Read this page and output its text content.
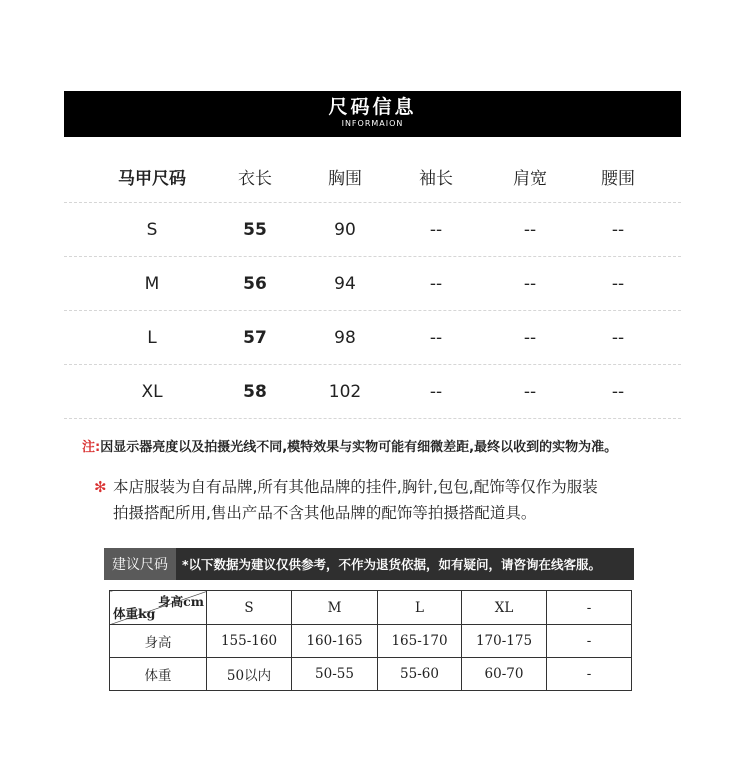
尺码信息
INFORMAION
马甲尺码	衣长	胸围	袖长	肩宽	腰围
S	55	90	--	--	--
M	56	94	--	--	--
L	57	98	--	--	--
XL	58	102	--	--	--
注:因显示器亮度以及拍摄光线不同,模特效果与实物可能有细微差距,最终以收到的实物为准。
✻ 本店服装为自有品牌,所有其他品牌的挂件,胸针,包包,配饰等仅作为服装
拍摄搭配所用,售出产品不含其他品牌的配饰等拍摄搭配道具。
建议尺码	*以下数据为建议仅供参考，不作为退货依据，如有疑问，请咨询在线客服。
身高cm
体重kg	S	M	L	XL	-
身高	155-160	160-165	165-170	170-175	-
体重	50以内	50-55	55-60	60-70	-
